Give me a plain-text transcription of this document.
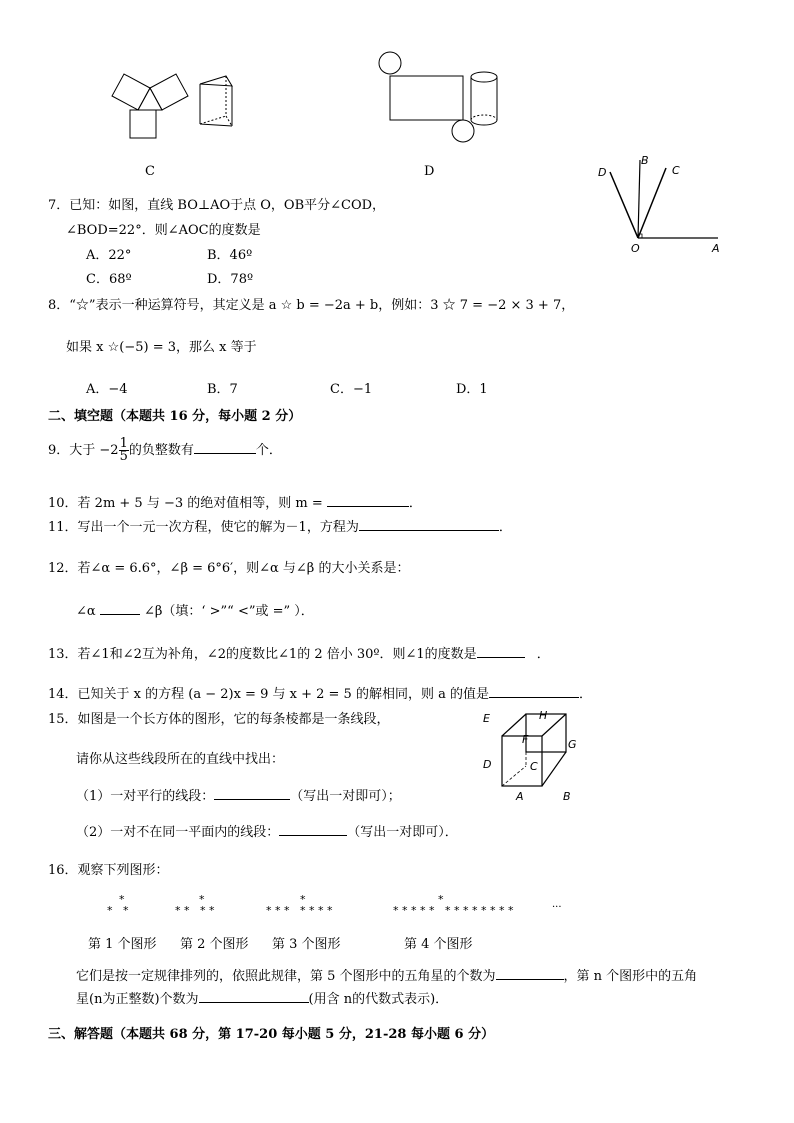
C	D	D
B
C
O	A
7．已知：如图，直线 BO⊥AO于点 O，OB平分∠COD，
∠BOD=22°．则∠AOC的度数是
A．22°	B．46º
C．68º	D．78º
8．“☆”表示一种运算符号，其定义是 a ☆ b = −2a + b，例如：3 ☆ 7 = −2 × 3 + 7，
如果 x ☆(−5) = 3，那么 x 等于
A．−4	B．7	C．−1	D．1
二、填空题（本题共 16 分，每小题 2 分）
9．大于 $-2 \frac{1}{5}$ 的负整数有	个．
10．若 2m + 5 与 −3 的绝对值相等，则 m =	．
11．写出一个一元一次方程，使它的解为－1，方程为	．
12．若∠α = 6.6°，∠β = 6°6′，则∠α 与∠β 的大小关系是：
∠α	∠β（填：‘ >”“ <”或 =” ）．
13．若∠1和∠2互为补角，∠2的度数比∠1的 2 倍小 30º．则∠1的度数是	．
14．已知关于 x 的方程 (a − 2)x = 9 与 x + 2 = 5 的解相同，则 a 的值是	．
15．如图是一个长方体的图形，它的每条棱都是一条线段，
请你从这些线段所在的直线中找出：
（1）一对平行的线段：	（写出一对即可）；
（2）一对不在同一平面内的线段：	（写出一对即可）．
E	H
F	G
D	C
A	B
16．观察下列图形：
*
*   *
*
* *   * *
*
* * *   * * * *
*
* * * * *   * * * * * * * *	···
第 1 个图形 第 2 个图形 第 3 个图形	第 4 个图形
它们是按一定规律排列的，依照此规律，第 5 个图形中的五角星的个数为	，第 n 个图形中的五角
星(n为正整数)个数为	(用含 n的代数式表示)．
三、解答题（本题共 68 分，第 17-20 每小题 5 分，21-28 每小题 6 分）
